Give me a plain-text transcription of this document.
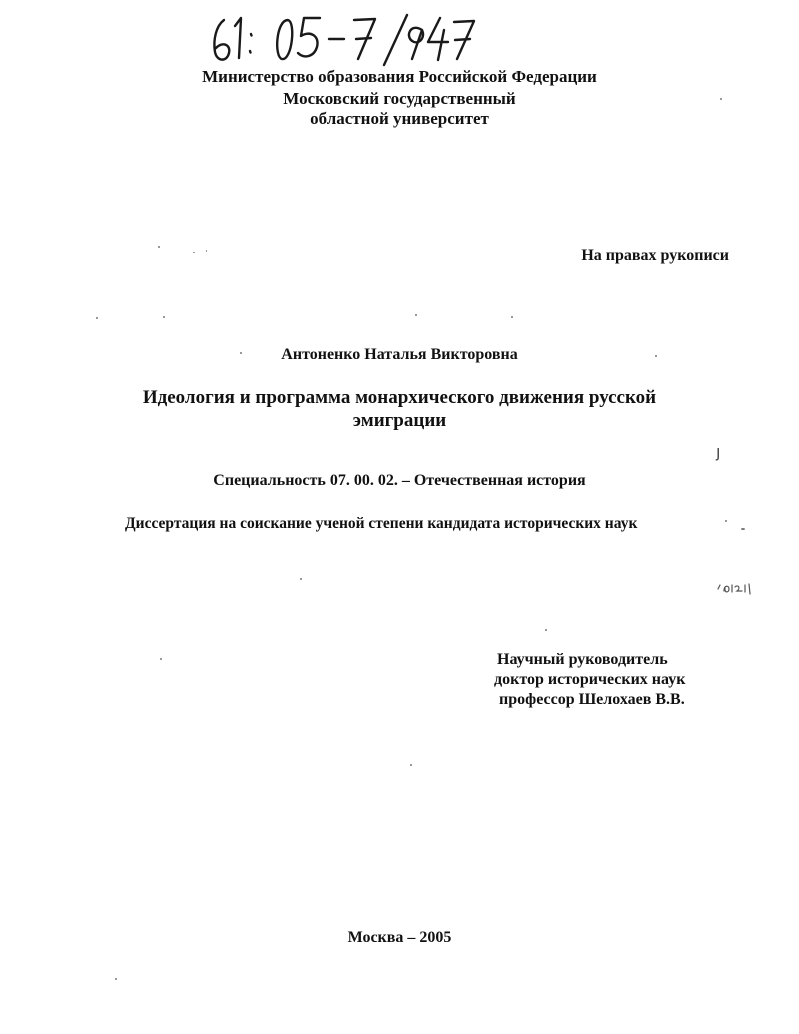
Министерство образования Российской Федерации
Московский государственный
областной университет
На правах рукописи
Антоненко Наталья Викторовна
Идеология и программа монархического движения русской
эмиграции
Специальность 07. 00. 02. – Отечественная история
Диссертация на соискание ученой степени кандидата исторических наук
Научный руководитель
доктор исторических наук
профессор Шелохаев В.В.
Москва – 2005
ȷ
